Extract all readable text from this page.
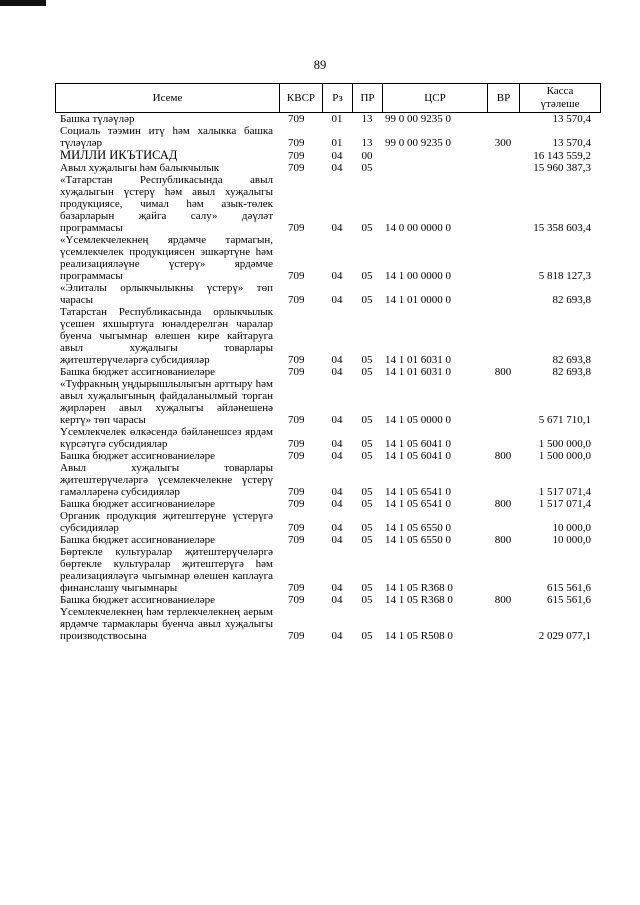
89
Исеме	КВСР	Рз	ПР	ЦСР	ВР	Касса
үтәлеше
Башка түләүләр	709	01	13	99 0 00 9235 0		13 570,4
Социаль тәэмин итү һәм халыкка башка түләүләр	709	01	13	99 0 00 9235 0	300	13 570,4
МИЛЛИ ИКЪТИСАД	709	04	00			16 143 559,2
Авыл хуҗалыгы һәм балыкчылык	709	04	05			15 960 387,3
«Татарстан Республикасында авыл хуҗалыгын үстерү һәм авыл хуҗалыгы продукциясе, чимал һәм азык-төлек базарларын җайга салу» дәүләт программасы	709	04	05	14 0 00 0000 0		15 358 603,4
«Үсемлекчелекнең ярдәмче тармагын, үсемлекчелек продукциясен эшкәртүне һәм реализацияләүне үстерү» ярдәмче программасы	709	04	05	14 1 00 0000 0		5 818 127,3
«Элиталы орлыкчылыкны үстерү» төп чарасы	709	04	05	14 1 01 0000 0		82 693,8
Татарстан Республикасында орлыкчылык үсешен яхшыртуга юнәлдерелгән чаралар буенча чыгымнар өлешен кире кайтаруга авыл хуҗалыгы товарлары җитештерүчеләргә субсидияләр	709	04	05	14 1 01 6031 0		82 693,8
Башка бюджет ассигнованиеләре	709	04	05	14 1 01 6031 0	800	82 693,8
«Туфракның уңдырышлылыгын арттыру һәм авыл хуҗалыгының файдаланылмый торган җирләрен авыл хуҗалыгы әйләнешенә кертү» төп чарасы	709	04	05	14 1 05 0000 0		5 671 710,1
Үсемлекчелек өлкәсендә бәйләнешсез ярдәм күрсәтүгә субсидияләр	709	04	05	14 1 05 6041 0		1 500 000,0
Башка бюджет ассигнованиеләре	709	04	05	14 1 05 6041 0	800	1 500 000,0
Авыл хуҗалыгы товарлары җитештерүчеләргә үсемлекчелекне үстерү гамәлләренә субсидияләр	709	04	05	14 1 05 6541 0		1 517 071,4
Башка бюджет ассигнованиеләре	709	04	05	14 1 05 6541 0	800	1 517 071,4
Органик продукция җитештерүне үстерүгә субсидияләр	709	04	05	14 1 05 6550 0		10 000,0
Башка бюджет ассигнованиеләре	709	04	05	14 1 05 6550 0	800	10 000,0
Бөртекле культуралар җитештерүчеләргә бөртекле культуралар җитештерүгә һәм реализацияләүгә чыгымнар өлешен каплауга финанслашу чыгымнары	709	04	05	14 1 05 R368 0		615 561,6
Башка бюджет ассигнованиеләре	709	04	05	14 1 05 R368 0	800	615 561,6
Үсемлекчелекнең һәм терлекчелекнең аерым ярдәмче тармаклары буенча авыл хуҗалыгы производствосына	709	04	05	14 1 05 R508 0		2 029 077,1
